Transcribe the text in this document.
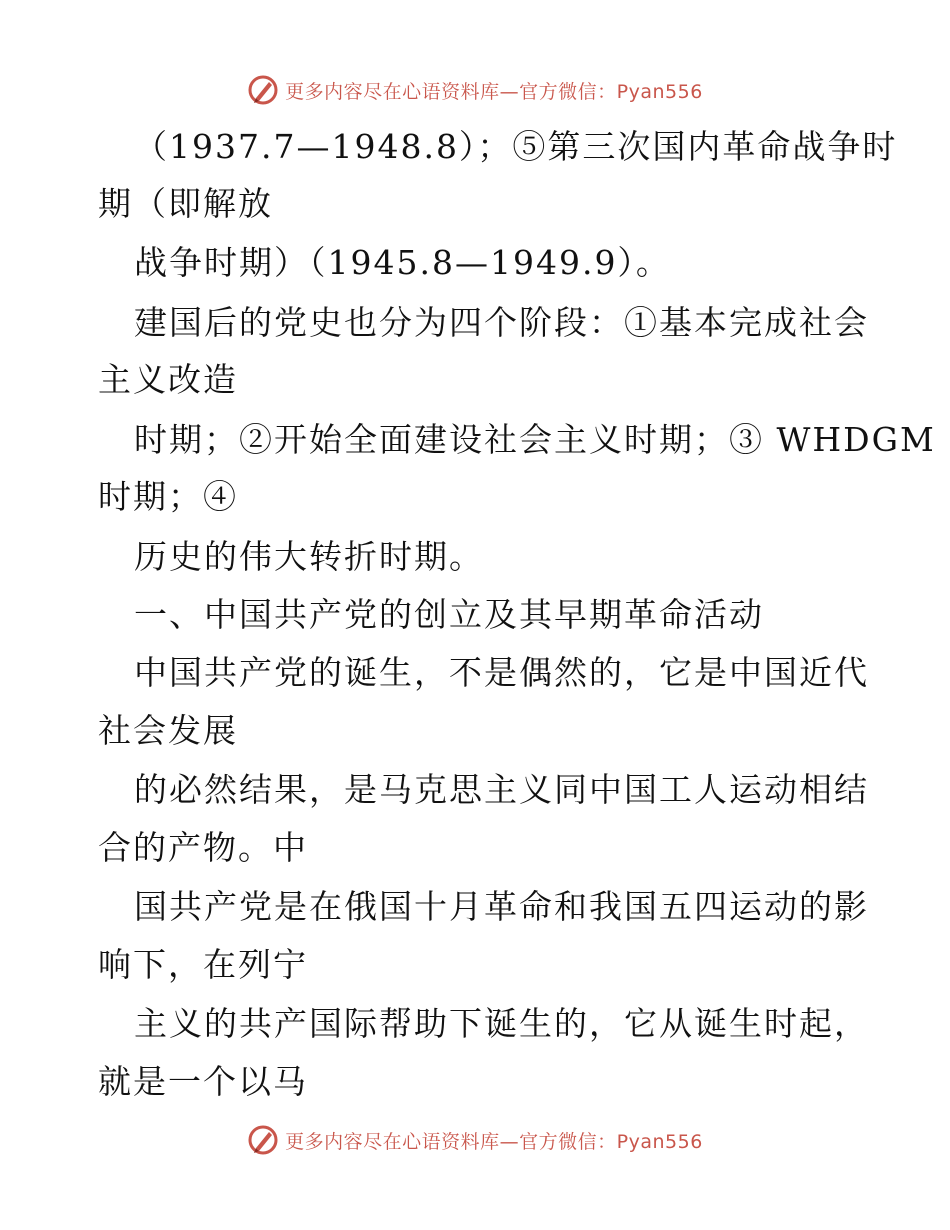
更多内容尽在心语资料库—官方微信：Pyan556
（1937.7—1948.8）；⑤第三次国内革命战争时
期（即解放
战争时期）（1945.8—1949.9）。
建国后的党史也分为四个阶段：①基本完成社会
主义改造
时期；②开始全面建设社会主义时期；③ WHDGM
时期；④
历史的伟大转折时期。
一、中国共产党的创立及其早期革命活动
中国共产党的诞生，不是偶然的，它是中国近代
社会发展
的必然结果，是马克思主义同中国工人运动相结
合的产物。中
国共产党是在俄国十月革命和我国五四运动的影
响下，在列宁
主义的共产国际帮助下诞生的，它从诞生时起，
就是一个以马
更多内容尽在心语资料库—官方微信：Pyan556
